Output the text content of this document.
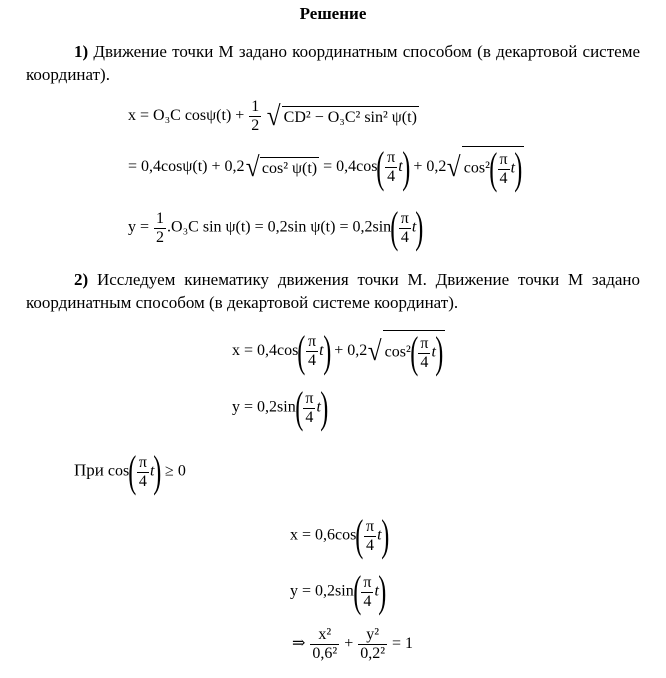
Решение
1) Движение точки М задано координатным способом (в декартовой системе координат).
x = O₃C $\cos\psi(t) + \frac{1}{2}$ √ CD² − O₃C² sin² ψ(t)
= 0,4cosψ(t) + 0,2√ cos² $\psi(t) = 0,4\cos( \frac{\pi}{4} t) + 0,2√$ $\cos^2( \frac{\pi}{4} t)$
$y = \frac{1}{2} .O_3C$ sin ψ(t) = 0,2sin $\psi(t) = 0,2\sin( \frac{\pi}{4} t)$
2) Исследуем кинематику движения точки М. Движение точки М задано координатным способом (в декартовой системе координат).
$x = 0,4\cos( \frac{\pi}{4} t) + 0,2√$ $\cos^2( \frac{\pi}{4} t)$
$y = 0,2\sin( \frac{\pi}{4} t)$
При $\cos( \frac{\pi}{4} t) \ge 0$
$x = 0,6\cos( \frac{\pi}{4} t)$
$y = 0,2\sin( \frac{\pi}{4} t)$
⇒ $\frac{\text{x²}}{\text{0,6²}} + \frac{\text{y²}}{\text{0,2²}} = 1$
